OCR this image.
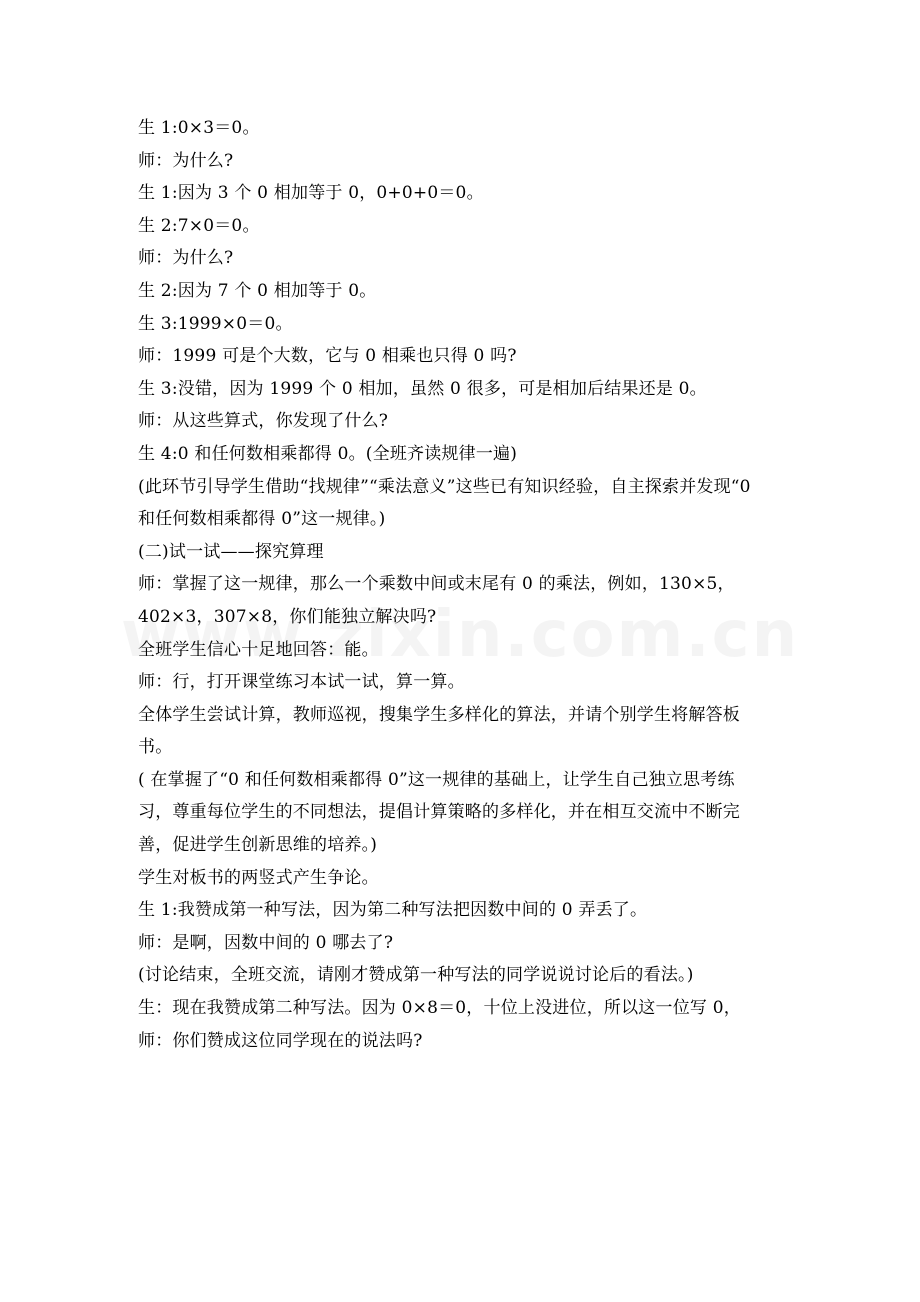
生 1:0×3＝0。
师：为什么?
生 1:因为 3 个 0 相加等于 0，0+0+0＝0。
生 2:7×0＝0。
师：为什么?
生 2:因为 7 个 0 相加等于 0。
生 3:1999×0＝0。
师：1999 可是个大数，它与 0 相乘也只得 0 吗?
生 3:没错，因为 1999 个 0 相加，虽然 0 很多，可是相加后结果还是 0。
师：从这些算式，你发现了什么?
生 4:0 和任何数相乘都得 0。(全班齐读规律一遍)
(此环节引导学生借助“找规律”“乘法意义”这些已有知识经验，自主探索并发现“0
和任何数相乘都得 0”这一规律。)
(二)试一试——探究算理
师：掌握了这一规律，那么一个乘数中间或末尾有 0 的乘法，例如，130×5，
402×3，307×8，你们能独立解决吗?
全班学生信心十足地回答：能。
师：行，打开课堂练习本试一试，算一算。
全体学生尝试计算，教师巡视，搜集学生多样化的算法，并请个别学生将解答板
书。
( 在掌握了“0 和任何数相乘都得 0”这一规律的基础上，让学生自己独立思考练
习，尊重每位学生的不同想法，提倡计算策略的多样化，并在相互交流中不断完
善，促进学生创新思维的培养。)
学生对板书的两竖式产生争论。
生 1:我赞成第一种写法，因为第二种写法把因数中间的 0 弄丢了。
师：是啊，因数中间的 0 哪去了?
(讨论结束，全班交流，请刚才赞成第一种写法的同学说说讨论后的看法。)
生：现在我赞成第二种写法。因为 0×8＝0，十位上没进位，所以这一位写 0，
师：你们赞成这位同学现在的说法吗?
